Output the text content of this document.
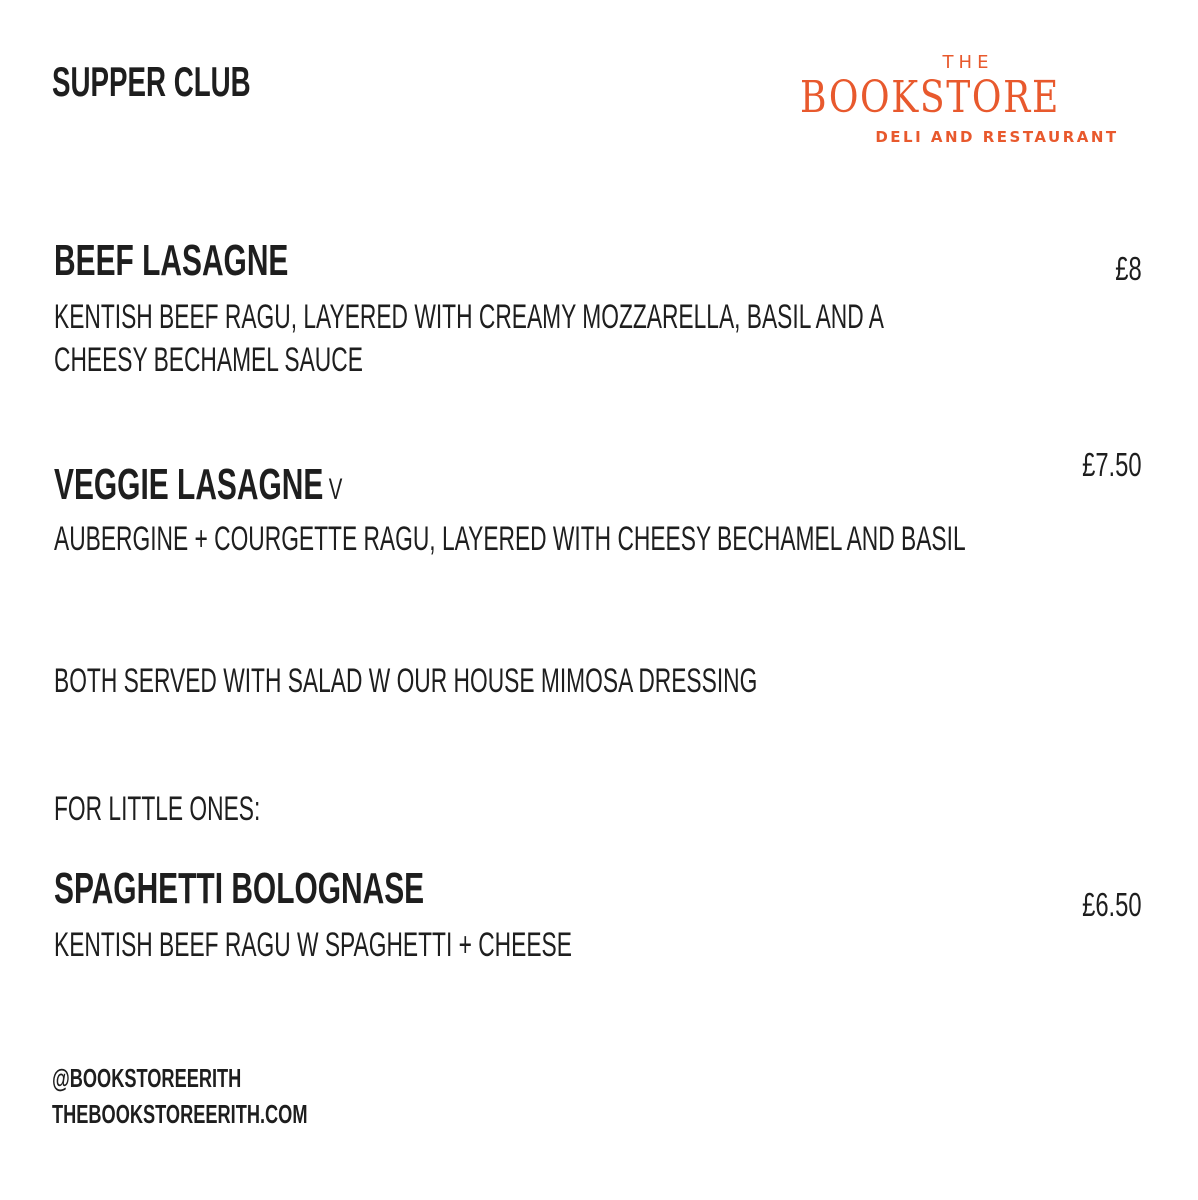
SUPPER CLUB	THE
BOOKSTORE
DELI AND RESTAURANT
BEEF LASAGNE
KENTISH BEEF RAGU, LAYERED WITH CREAMY MOZZARELLA, BASIL AND A
CHEESY BECHAMEL SAUCE
£8
VEGGIE LASAGNE V
AUBERGINE + COURGETTE RAGU, LAYERED WITH CHEESY BECHAMEL AND BASIL
£7.50
BOTH SERVED WITH SALAD W OUR HOUSE MIMOSA DRESSING
FOR LITTLE ONES:
SPAGHETTI BOLOGNASE
KENTISH BEEF RAGU W SPAGHETTI + CHEESE
£6.50
@BOOKSTOREERITH
THEBOOKSTOREERITH.COM
